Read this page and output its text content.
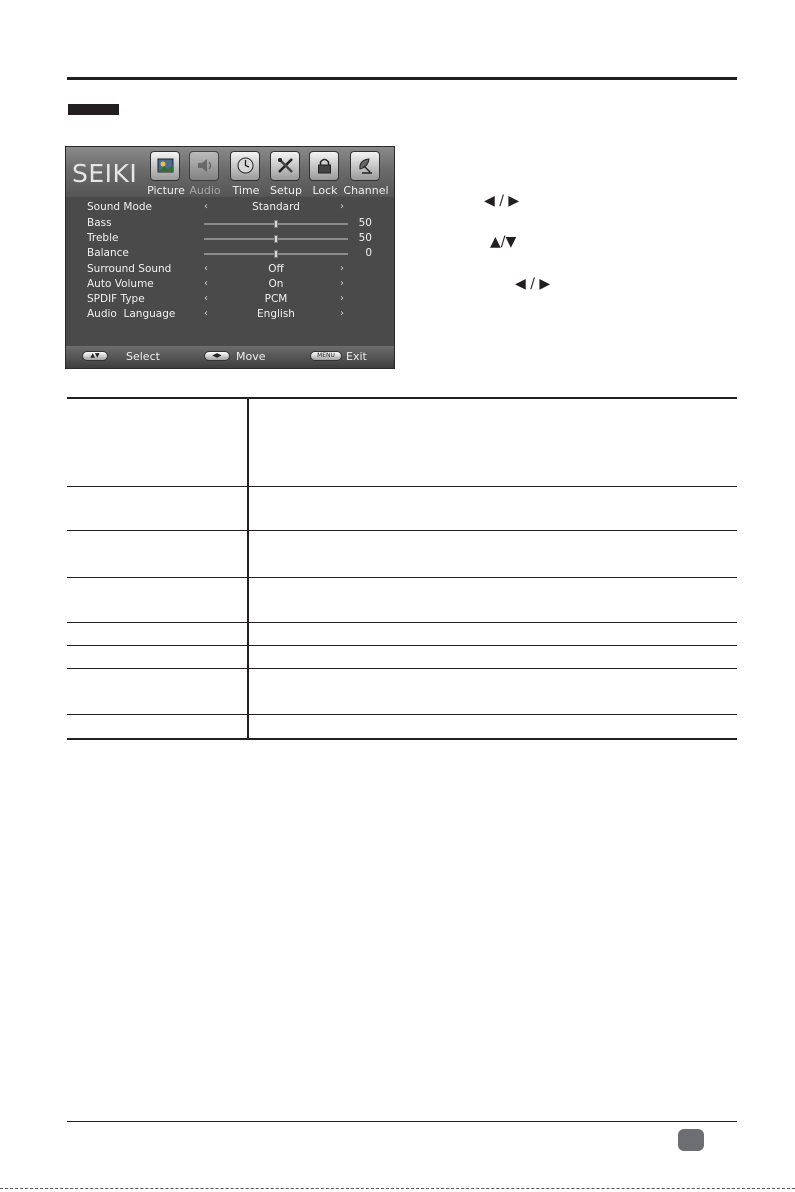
SEIKI
Picture Audio	Time Setup Lock Channel
Sound Mode	‹	Standard	›
Bass	50
Treble	50
Balance	0
Surround Sound	‹	Off	›
Auto Volume	‹	On	›
SPDIF Type	‹	PCM	›
Audio  Language	‹	English	›
▲▼	Select	◀▶	Move	MENU	Exit
◀ / ▶
▲/▼
◀ / ▶
